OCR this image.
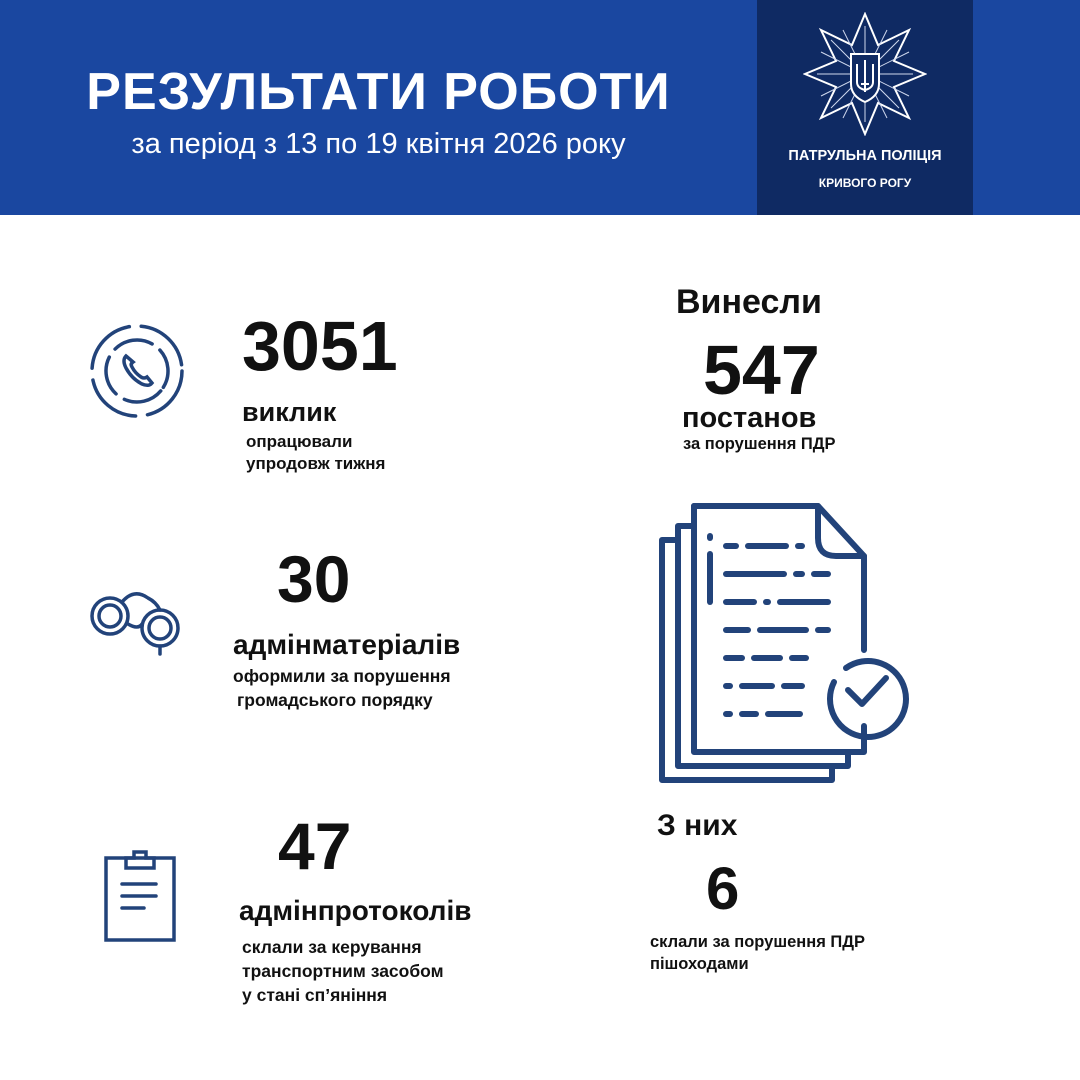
РЕЗУЛЬТАТИ РОБОТИ
за період з 13 по 19 квітня 2026 року	ПАТРУЛЬНА ПОЛІЦІЯ
КРИВОГО РОГУ
3051
виклик
опрацювали
упродовж тижня
30
адмінматеріалів
оформили за порушення
громадського порядку
47
адмінпротоколів
склали за керування
транспортним засобом
у стані сп’яніння
Винесли
547
постанов
за порушення ПДР
З них
6
склали за порушення ПДР
пішоходами
